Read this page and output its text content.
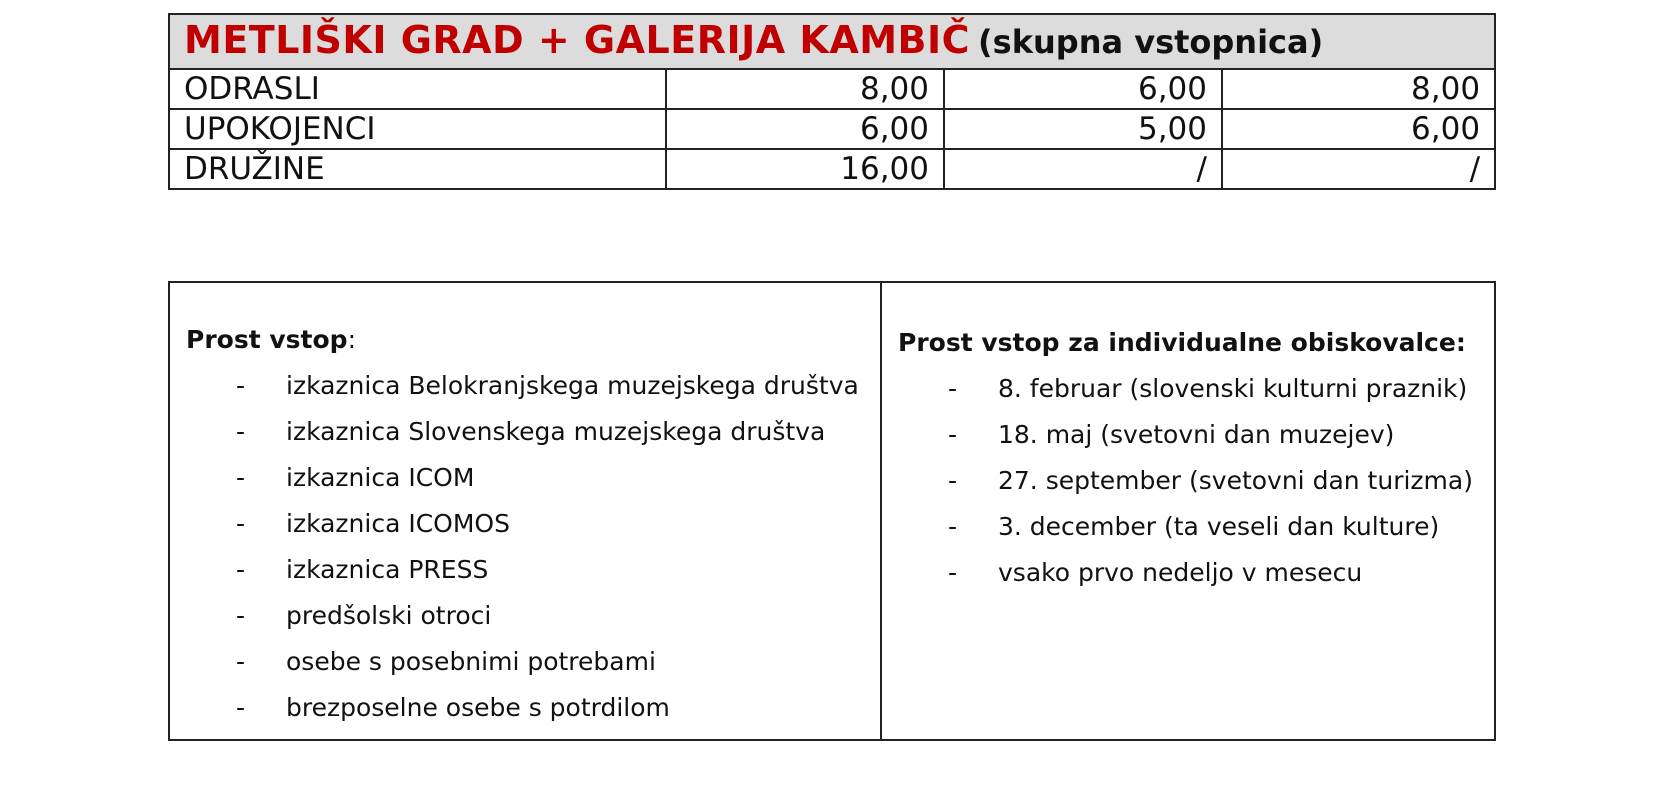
METLIŠKI GRAD + GALERIJA KAMBIČ (skupna vstopnica)			
ODRASLI	8,00	6,00	8,00
UPOKOJENCI	6,00	5,00	6,00
DRUŽINE	16,00	/	/
Prost vstop:
- izkaznica Belokranjskega muzejskega društva
- izkaznica Slovenskega muzejskega društva
- izkaznica ICOM
- izkaznica ICOMOS
- izkaznica PRESS
- predšolski otroci
- osebe s posebnimi potrebami
- brezposelne osebe s potrdilom
Prost vstop za individualne obiskovalce:
- 8. februar (slovenski kulturni praznik)
- 18. maj (svetovni dan muzejev)
- 27. september (svetovni dan turizma)
- 3. december (ta veseli dan kulture)
- vsako prvo nedeljo v mesecu
